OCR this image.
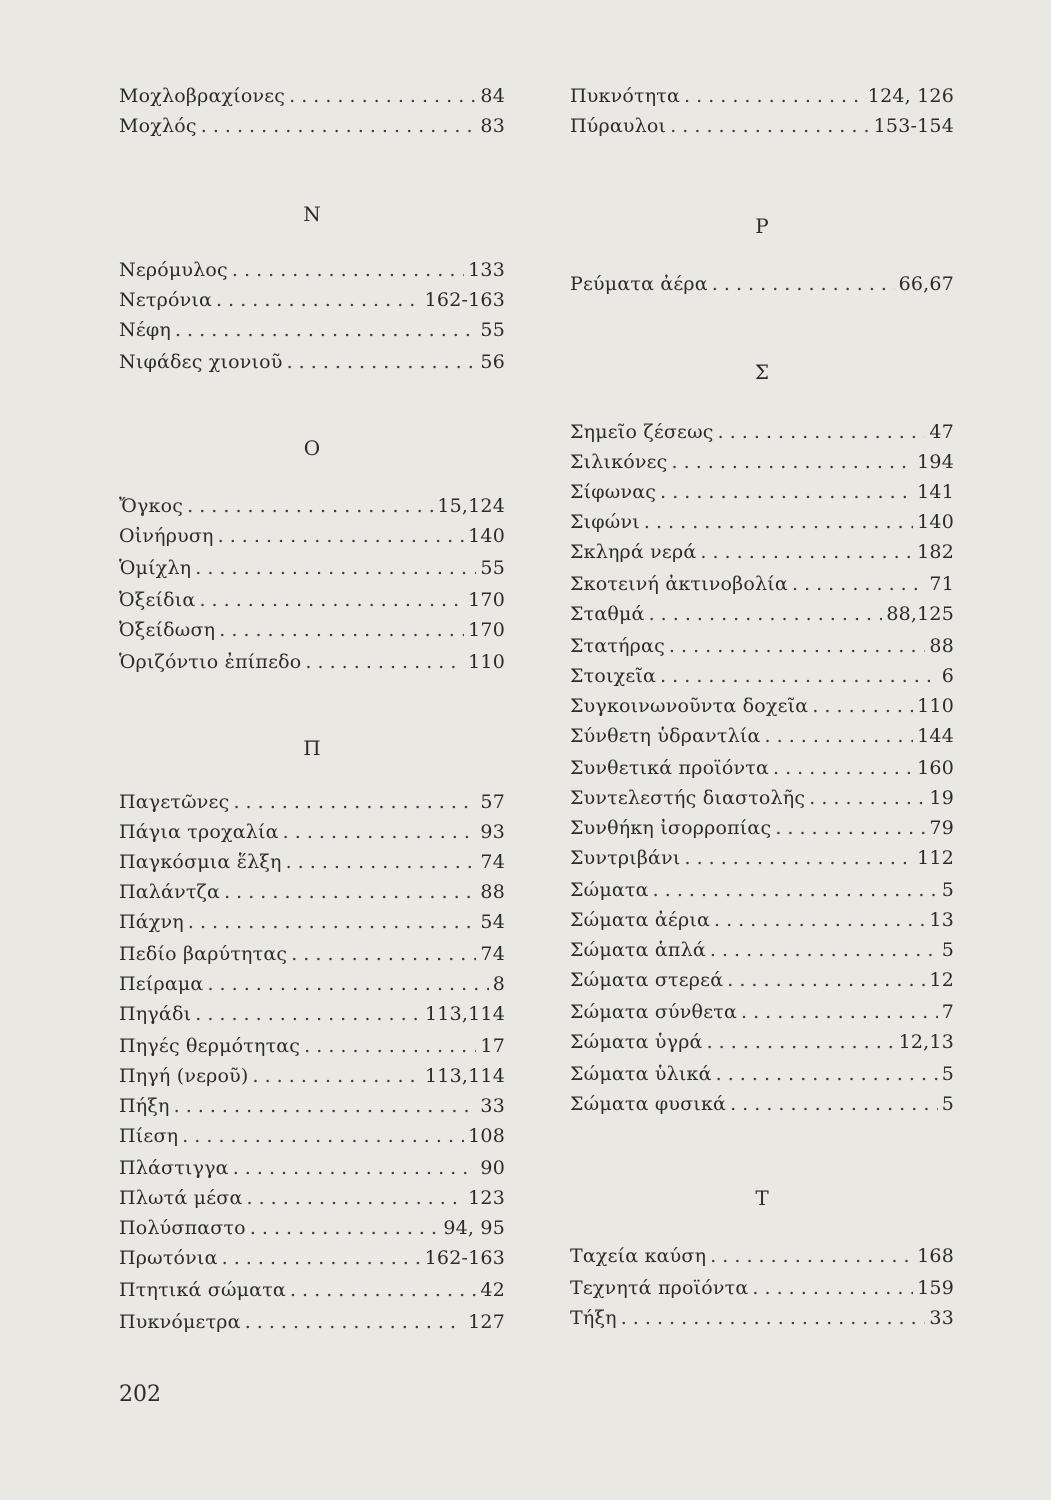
Μοχλοβραχίονες . . .	84
Μοχλός . . .	83
Ν
Νερόμυλος . . .	133
Νετρόνια . . .	162-163
Νέφη . . .	55
Νιφάδες χιονιοῦ . . .	56
Ο
Ὄγκος . . .	15,124
Οἰνήρυση . . .	140
Ὁμίχλη . . .	55
Ὀξείδια . . .	170
Ὀξείδωση . . .	170
Ὁριζόντιο ἐπίπεδο . . .	110
Π
Παγετῶνες . . .	57
Πάγια τροχαλία . . .	93
Παγκόσμια ἕλξη . . .	74
Παλάντζα . . .	88
Πάχνη . . .	54
Πεδίο βαρύτητας . . .	74
Πείραμα . . .	8
Πηγάδι . . .	113,114
Πηγές θερμότητας . . .	17
Πηγή (νεροῦ) . . .	113,114
Πήξη . . .	33
Πίεση . . .	108
Πλάστιγγα . . .	90
Πλωτά μέσα . . .	123
Πολύσπαστο . . .	94, 95
Πρωτόνια . . .	162-163
Πτητικά σώματα . . .	42
Πυκνόμετρα . . .	127
Πυκνότητα . . .	124, 126
Πύραυλοι . . .	153-154
Ρ
Ρεύματα ἀέρα . . .	66,67
Σ
Σημεῖο ζέσεως . . .	47
Σιλικόνες . . .	194
Σίφωνας . . .	141
Σιφώνι . . .	140
Σκληρά νερά . . .	182
Σκοτεινή ἀκτινοβολία . . .	71
Σταθμά . . .	88,125
Στατήρας . . .	88
Στοιχεῖα . . .	6
Συγκοινωνοῦντα δοχεῖα . . .	110
Σύνθετη ὑδραντλία . . .	144
Συνθετικά προϊόντα . . .	160
Συντελεστής διαστολῆς . . .	19
Συνθήκη ἰσορροπίας . . .	79
Συντριβάνι . . .	112
Σώματα . . .	5
Σώματα ἀέρια . . .	13
Σώματα ἁπλά . . .	5
Σώματα στερεά . . .	12
Σώματα σύνθετα . . .	7
Σώματα ὑγρά . . .	12,13
Σώματα ὑλικά . . .	5
Σώματα φυσικά . . .	5
Τ
Ταχεία καύση . . .	168
Τεχνητά προϊόντα . . .	159
Τήξη . . .	33
202
